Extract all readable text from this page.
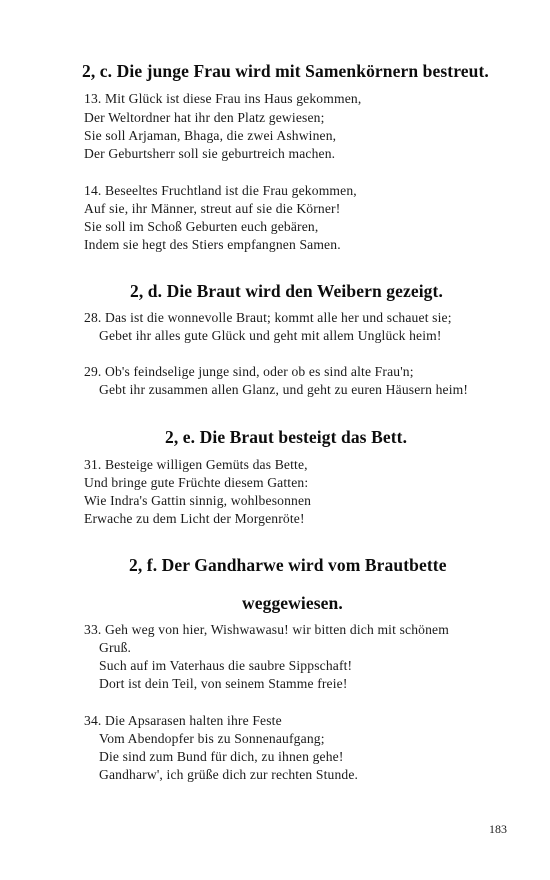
2, c. Die junge Frau wird mit Samenkörnern bestreut.
13. Mit Glück ist diese Frau ins Haus gekommen,
Der Weltordner hat ihr den Platz gewiesen;
Sie soll Arjaman, Bhaga, die zwei Ashwinen,
Der Geburtsherr soll sie geburtreich machen.
14. Beseeltes Fruchtland ist die Frau gekommen,
Auf sie, ihr Männer, streut auf sie die Körner!
Sie soll im Schoß Geburten euch gebären,
Indem sie hegt des Stiers empfangnen Samen.
2, d. Die Braut wird den Weibern gezeigt.
28. Das ist die wonnevolle Braut; kommt alle her und schauet sie;
Gebet ihr alles gute Glück und geht mit allem Unglück heim!
29. Ob's feindselige junge sind, oder ob es sind alte Frau'n;
Gebt ihr zusammen allen Glanz, und geht zu euren Häusern heim!
2, e. Die Braut besteigt das Bett.
31. Besteige willigen Gemüts das Bette,
Und bringe gute Früchte diesem Gatten:
Wie Indra's Gattin sinnig, wohlbesonnen
Erwache zu dem Licht der Morgenröte!
2, f. Der Gandharwe wird vom Brautbette
weggewiesen.
33. Geh weg von hier, Wishwawasu! wir bitten dich mit schönem
Gruß.
Such auf im Vaterhaus die saubre Sippschaft!
Dort ist dein Teil, von seinem Stamme freie!
34. Die Apsarasen halten ihre Feste
Vom Abendopfer bis zu Sonnenaufgang;
Die sind zum Bund für dich, zu ihnen gehe!
Gandharw', ich grüße dich zur rechten Stunde.
183
